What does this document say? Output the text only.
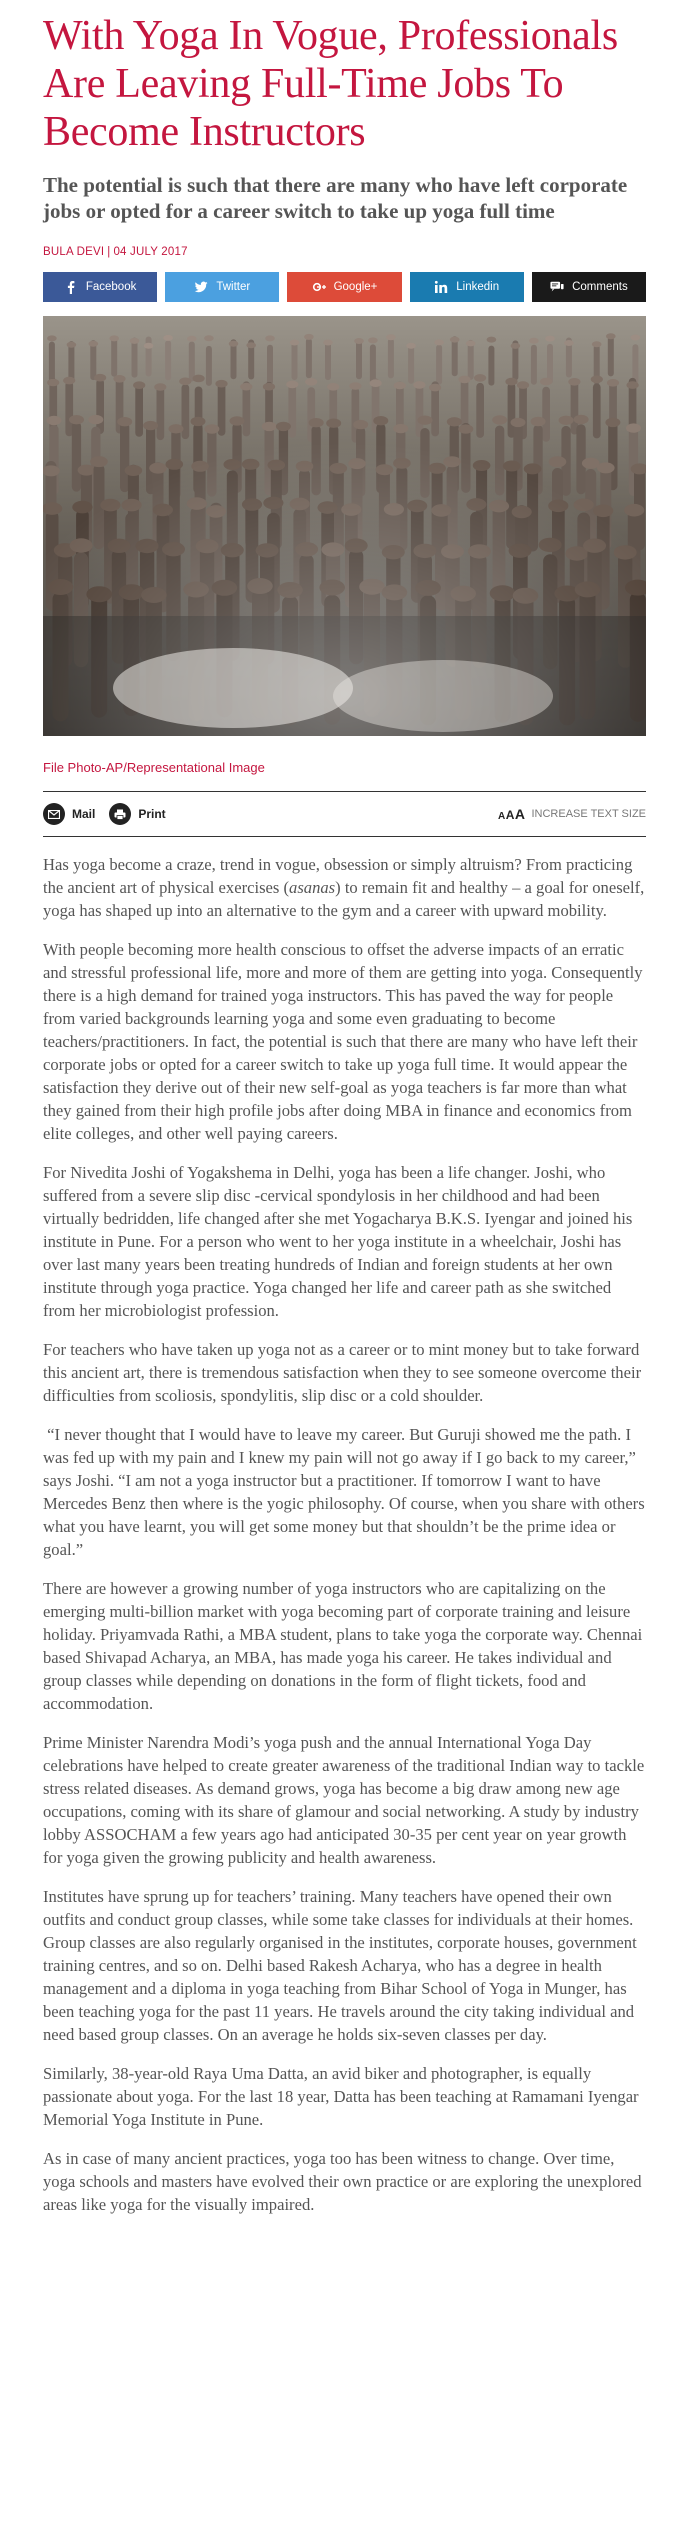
With Yoga In Vogue, Professionals Are Leaving Full-Time Jobs To Become Instructors
The potential is such that there are many who have left corporate jobs or opted for a career switch to take up yoga full time
BULA DEVI | 04 JULY 2017
Facebook	Twitter	Google+	Linkedin	Comments
File Photo-AP/Representational Image
Mail	Print	AAA INCREASE TEXT SIZE

Has yoga become a craze, trend in vogue, obsession or simply altruism? From practicing the ancient art of physical exercises (asanas) to remain fit and healthy – a goal for oneself, yoga has shaped up into an alternative to the gym and a career with upward mobility.

With people becoming more health conscious to offset the adverse impacts of an erratic and stressful professional life, more and more of them are getting into yoga. Consequently there is a high demand for trained yoga instructors. This has paved the way for people from varied backgrounds learning yoga and some even graduating to become teachers/practitioners. In fact, the potential is such that there are many who have left their corporate jobs or opted for a career switch to take up yoga full time. It would appear the satisfaction they derive out of their new self-goal as yoga teachers is far more than what they gained from their high profile jobs after doing MBA in finance and economics from elite colleges, and other well paying careers.

For Nivedita Joshi of Yogakshema in Delhi, yoga has been a life changer. Joshi, who suffered from a severe slip disc -cervical spondylosis in her childhood and had been virtually bedridden, life changed after she met Yogacharya B.K.S. Iyengar and joined his institute in Pune. For a person who went to her yoga institute in a wheelchair, Joshi has over last many years been treating hundreds of Indian and foreign students at her own institute through yoga practice. Yoga changed her life and career path as she switched from her microbiologist profession.

For teachers who have taken up yoga not as a career or to mint money but to take forward this ancient art, there is tremendous satisfaction when they to see someone overcome their difficulties from scoliosis, spondylitis, slip disc or a cold shoulder.

“I never thought that I would have to leave my career. But Guruji showed me the path. I was fed up with my pain and I knew my pain will not go away if I go back to my career,” says Joshi. “I am not a yoga instructor but a practitioner. If tomorrow I want to have Mercedes Benz then where is the yogic philosophy. Of course, when you share with others what you have learnt, you will get some money but that shouldn’t be the prime idea or goal.”

There are however a growing number of yoga instructors who are capitalizing on the emerging multi-billion market with yoga becoming part of corporate training and leisure holiday. Priyamvada Rathi, a MBA student, plans to take yoga the corporate way. Chennai based Shivapad Acharya, an MBA, has made yoga his career. He takes individual and group classes while depending on donations in the form of flight tickets, food and accommodation.

Prime Minister Narendra Modi’s yoga push and the annual International Yoga Day celebrations have helped to create greater awareness of the traditional Indian way to tackle stress related diseases. As demand grows, yoga has become a big draw among new age occupations, coming with its share of glamour and social networking. A study by industry lobby ASSOCHAM a few years ago had anticipated 30-35 per cent year on year growth for yoga given the growing publicity and health awareness.

Institutes have sprung up for teachers’ training. Many teachers have opened their own outfits and conduct group classes, while some take classes for individuals at their homes. Group classes are also regularly organised in the institutes, corporate houses, government training centres, and so on. Delhi based Rakesh Acharya, who has a degree in health management and a diploma in yoga teaching from Bihar School of Yoga in Munger, has been teaching yoga for the past 11 years. He travels around the city taking individual and need based group classes. On an average he holds six-seven classes per day.

Similarly, 38-year-old Raya Uma Datta, an avid biker and photographer, is equally passionate about yoga. For the last 18 year, Datta has been teaching at Ramamani Iyengar Memorial Yoga Institute in Pune.

As in case of many ancient practices, yoga too has been witness to change. Over time, yoga schools and masters have evolved their own practice or are exploring the unexplored areas like yoga for the visually impaired.
